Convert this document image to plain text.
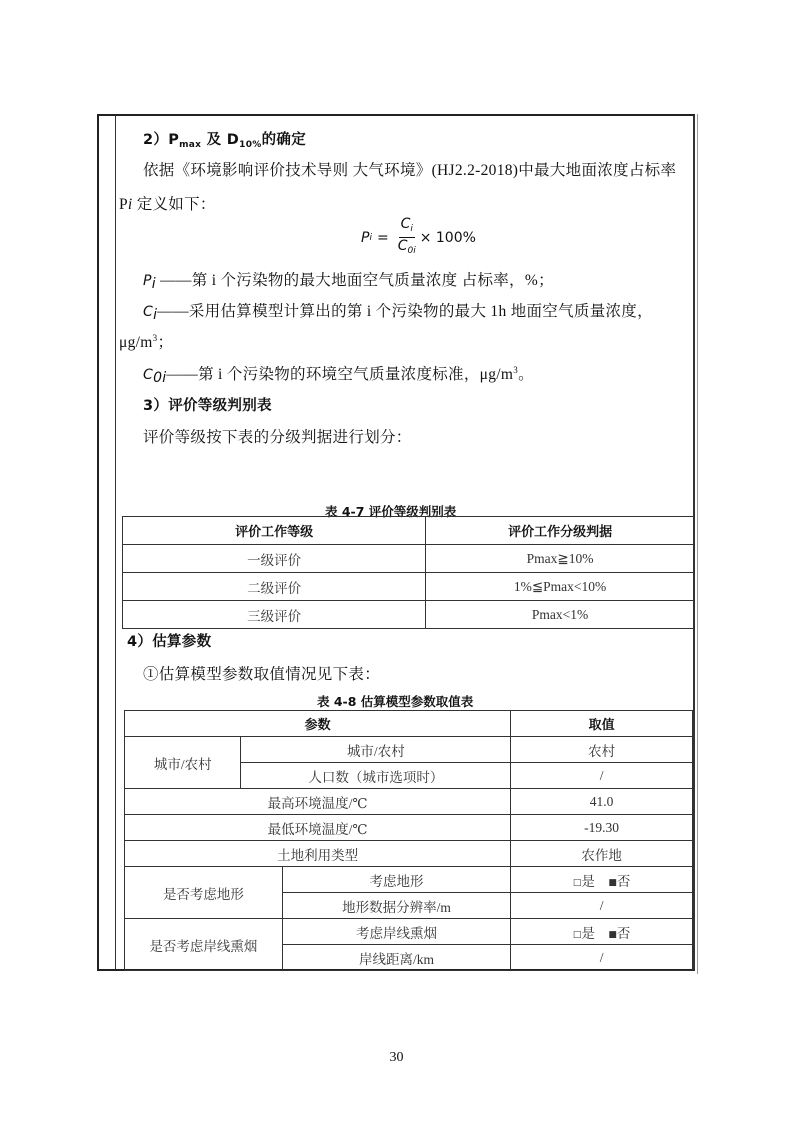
$2)P_{max}$ 及 $D_{10\%}$的确定
依据《环境影响评价技术导则 大气环境》(HJ2.2-2018)中最大地面浓度占标率
Pi 定义如下：
P $i = \frac{C_i}{C_{0i}} \times 100\%$
Pi ——第 i 个污染物的最大地面空气质量浓度 占标率，%；
Ci——采用估算模型计算出的第 i 个污染物的最大 1h 地面空气质量浓度，
$\mu g/m^3$；
C0i——第 i 个污染物的环境空气质量浓度标准，$\mu g/m^3$。
3）评价等级判别表
评价等级按下表的分级判据进行划分：
表 4-7 评价等级判别表
评价工作等级	评价工作分级判据
一级评价	Pmax≧10%
二级评价	1%≦Pmax<10%
三级评价	Pmax<1%
4）估算参数
①估算模型参数取值情况见下表：
表 4-8 估算模型参数取值表
参数			取值
城市/农村	城市/农村		农村
	人口数（城市选项时）		/
最高环境温度/℃			41.0
最低环境温度/℃			-19.30
土地利用类型			农作地
是否考虑地形		考虑地形	□是 ■否
		地形数据分辨率/m	/
是否考虑岸线熏烟		考虑岸线熏烟	□是 ■否
		岸线距离/km	/
30
